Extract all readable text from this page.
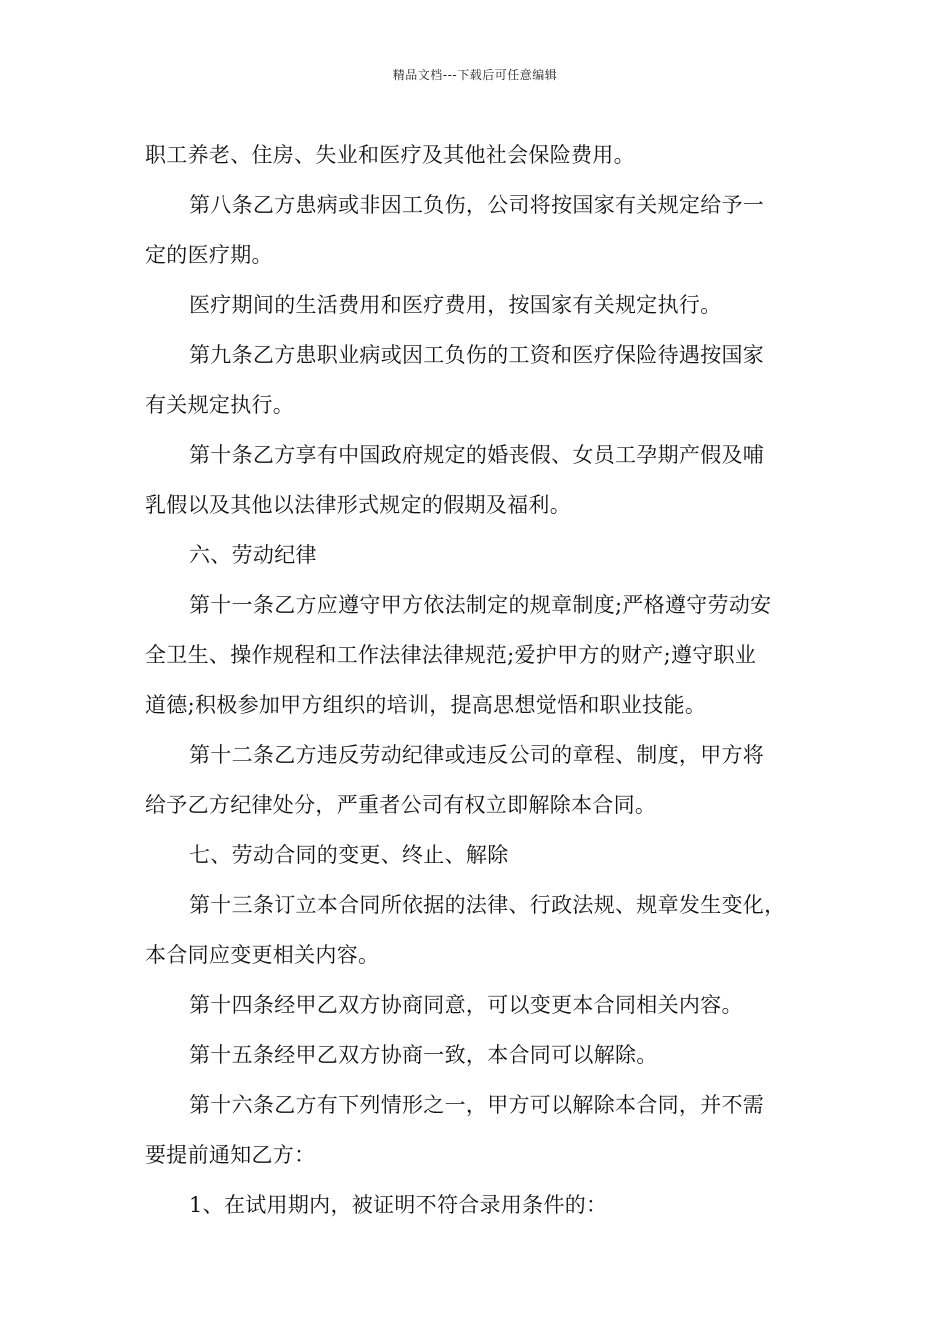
精品文档---下载后可任意编辑
职工养老、住房、失业和医疗及其他社会保险费用。
第八条乙方患病或非因工负伤，公司将按国家有关规定给予一
定的医疗期。
医疗期间的生活费用和医疗费用，按国家有关规定执行。
第九条乙方患职业病或因工负伤的工资和医疗保险待遇按国家
有关规定执行。
第十条乙方享有中国政府规定的婚丧假、女员工孕期产假及哺
乳假以及其他以法律形式规定的假期及福利。
六、劳动纪律
第十一条乙方应遵守甲方依法制定的规章制度;严格遵守劳动安
全卫生、操作规程和工作法律法律规范;爱护甲方的财产;遵守职业
道德;积极参加甲方组织的培训，提高思想觉悟和职业技能。
第十二条乙方违反劳动纪律或违反公司的章程、制度，甲方将
给予乙方纪律处分，严重者公司有权立即解除本合同。
七、劳动合同的变更、终止、解除
第十三条订立本合同所依据的法律、行政法规、规章发生变化，
本合同应变更相关内容。
第十四条经甲乙双方协商同意，可以变更本合同相关内容。
第十五条经甲乙双方协商一致，本合同可以解除。
第十六条乙方有下列情形之一，甲方可以解除本合同，并不需
要提前通知乙方：
1、在试用期内，被证明不符合录用条件的：
